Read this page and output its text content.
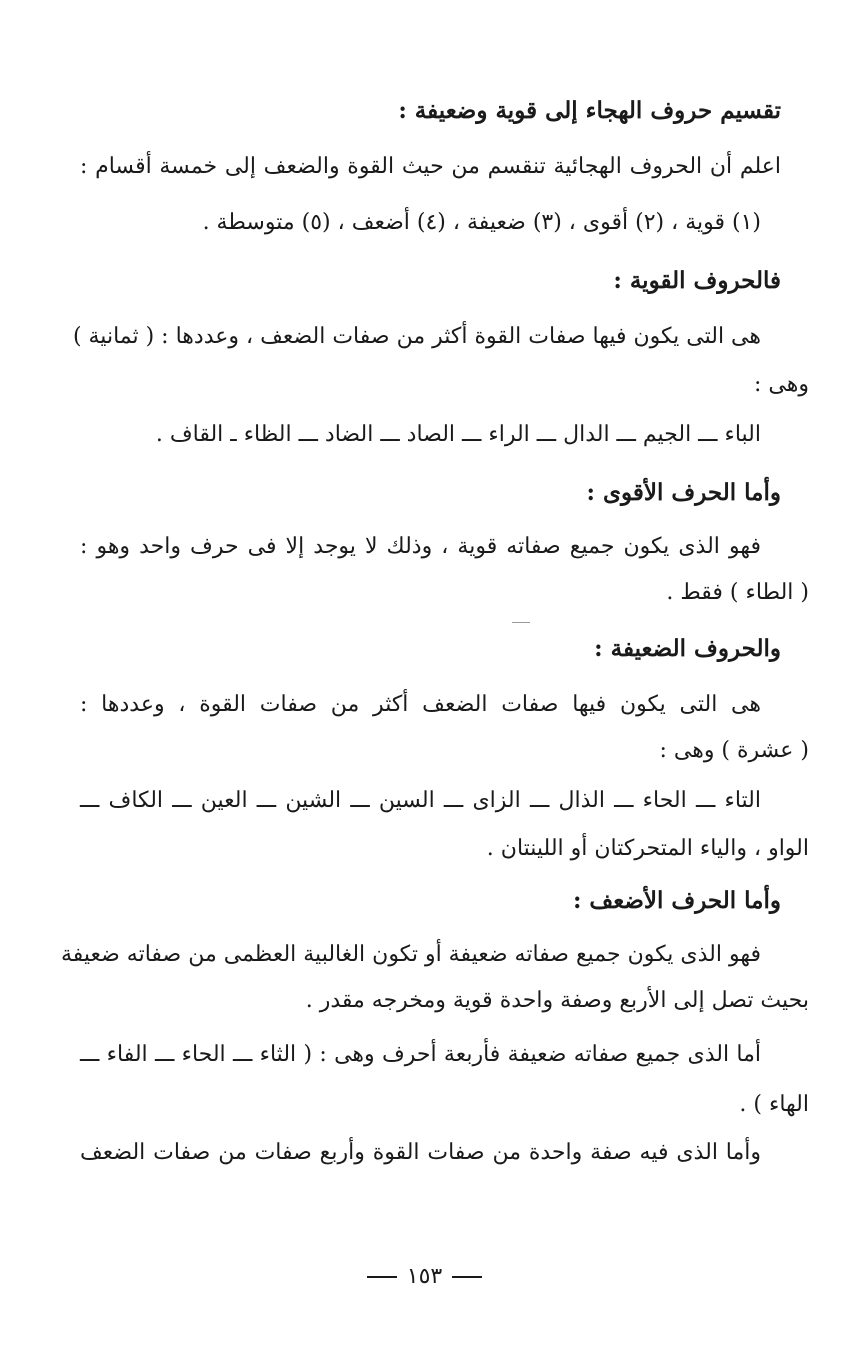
تقسيم حروف الهجاء إلى قوية وضعيفة :
اعلم أن الحروف الهجائية تنقسم من حيث القوة والضعف إلى خمسة أقسام :
(١) قوية ، (٢) أقوى ، (٣) ضعيفة ، (٤) أضعف ، (٥) متوسطة .
فالحروف القوية :
هى التى يكون فيها صفات القوة أكثر من صفات الضعف ، وعددها : ( ثمانية )
وهى :
الباء ـــ الجيم ـــ الدال ـــ الراء ـــ الصاد ـــ الضاد ـــ الظاء ـ القاف .
وأما الحرف الأقوى :
فهو الذى يكون جميع صفاته قوية ، وذلك لا يوجد إلا فى حرف واحد وهو :
( الطاء ) فقط .
والحروف الضعيفة :
هى التى يكون فيها صفات الضعف أكثر من صفات القوة ، وعددها :
( عشرة ) وهى :
التاء ـــ الحاء ـــ الذال ـــ الزاى ـــ السين ـــ الشين ـــ العين ـــ الكاف ـــ
الواو ، والياء المتحركتان أو اللينتان .
وأما الحرف الأضعف :
فهو الذى يكون جميع صفاته ضعيفة أو تكون الغالبية العظمى من صفاته ضعيفة
بحيث تصل إلى الأربع وصفة واحدة قوية ومخرجه مقدر .
أما الذى جميع صفاته ضعيفة فأربعة أحرف وهى : ( الثاء ـــ الحاء ـــ الفاء ـــ
الهاء ) .
وأما الذى فيه صفة واحدة من صفات القوة وأربع صفات من صفات الضعف
١٥٣
